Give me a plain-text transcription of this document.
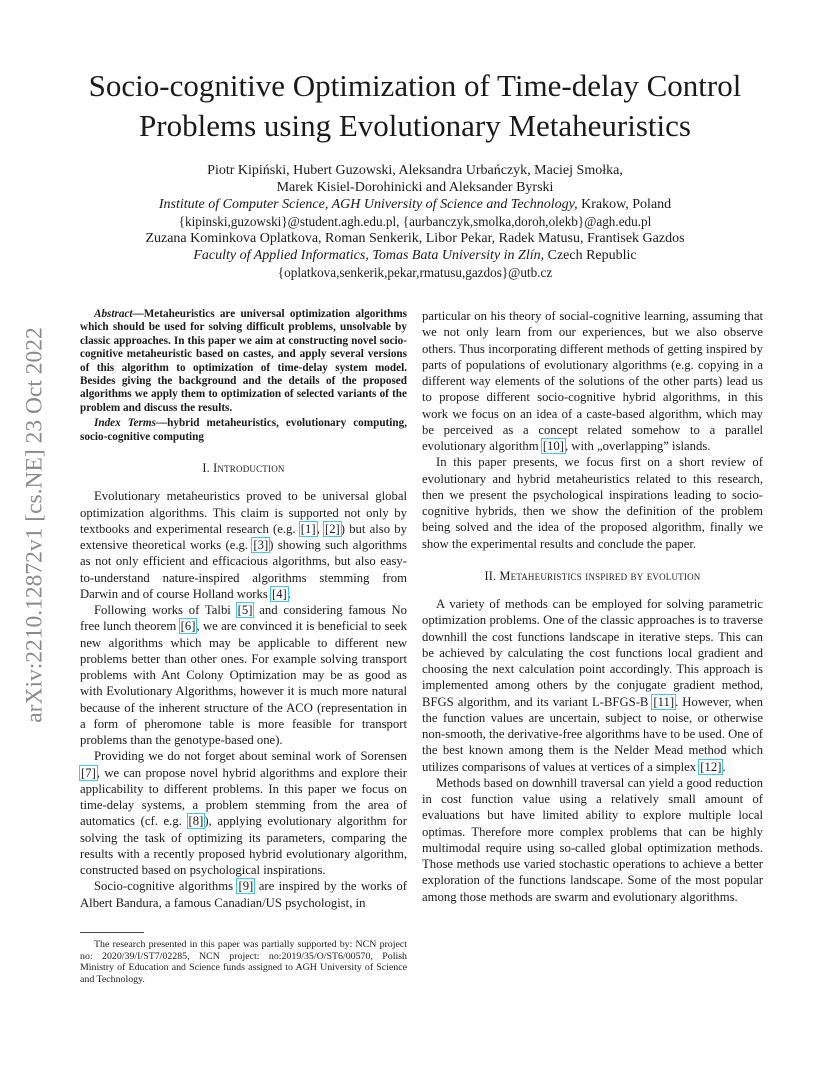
Socio-cognitive Optimization of Time-delay Control
Problems using Evolutionary Metaheuristics
Piotr Kipiński, Hubert Guzowski, Aleksandra Urbańczyk, Maciej Smołka,
Marek Kisiel-Dorohinicki and Aleksander Byrski
Institute of Computer Science, AGH University of Science and Technology, Krakow, Poland
{kipinski,guzowski}@student.agh.edu.pl, {aurbanczyk,smolka,doroh,olekb}@agh.edu.pl
Zuzana Kominkova Oplatkova, Roman Senkerik, Libor Pekar, Radek Matusu, Frantisek Gazdos
Faculty of Applied Informatics, Tomas Bata University in Zlín, Czech Republic
{oplatkova,senkerik,pekar,rmatusu,gazdos}@utb.cz
arXiv:2210.12872v1 [cs.NE] 23 Oct 2022

Abstract—Metaheuristics are universal optimization algorithms which should be used for solving difficult problems, unsolvable by classic approaches. In this paper we aim at constructing novel socio-cognitive metaheuristic based on castes, and apply several versions of this algorithm to optimization of time-delay system model. Besides giving the background and the details of the proposed algorithms we apply them to optimization of selected variants of the problem and discuss the results.

Index Terms—hybrid metaheuristics, evolutionary computing, socio-cognitive computing

I. Introduction

Evolutionary metaheuristics proved to be universal global optimization algorithms. This claim is supported not only by textbooks and experimental research (e.g. [1], [2]) but also by extensive theoretical works (e.g. [3]) showing such algorithms as not only efficient and efficacious algorithms, but also easy-to-understand nature-inspired algorithms stemming from Darwin and of course Holland works [4].

Following works of Talbi [5] and considering famous No free lunch theorem [6], we are convinced it is beneficial to seek new algorithms which may be applicable to different new problems better than other ones. For example solving transport problems with Ant Colony Optimization may be as good as with Evolutionary Algorithms, however it is much more natural because of the inherent structure of the ACO (representation in a form of pheromone table is more feasible for transport problems than the genotype-based one).

Providing we do not forget about seminal work of Sorensen [7], we can propose novel hybrid algorithms and explore their applicability to different problems. In this paper we focus on time-delay systems, a problem stemming from the area of automatics (cf. e.g. [8]), applying evolutionary algorithm for solving the task of optimizing its parameters, comparing the results with a recently proposed hybrid evolutionary algorithm, constructed based on psychological inspirations.

Socio-cognitive algorithms [9] are inspired by the works of Albert Bandura, a famous Canadian/US psychologist, in

The research presented in this paper was partially supported by: NCN project no: 2020/39/I/ST7/02285, NCN project: no:2019/35/O/ST6/00570, Polish Ministry of Education and Science funds assigned to AGH University of Science and Technology.

particular on his theory of social-cognitive learning, assuming that we not only learn from our experiences, but we also observe others. Thus incorporating different methods of getting inspired by parts of populations of evolutionary algorithms (e.g. copying in a different way elements of the solutions of the other parts) lead us to propose different socio-cognitive hybrid algorithms, in this work we focus on an idea of a caste-based algorithm, which may be perceived as a concept related somehow to a parallel evolutionary algorithm [10], with „overlapping” islands.

In this paper presents, we focus first on a short review of evolutionary and hybrid metaheuristics related to this research, then we present the psychological inspirations leading to socio-cognitive hybrids, then we show the definition of the problem being solved and the idea of the proposed algorithm, finally we show the experimental results and conclude the paper.

II. Metaheuristics inspired by evolution

A variety of methods can be employed for solving parametric optimization problems. One of the classic approaches is to traverse downhill the cost functions landscape in iterative steps. This can be achieved by calculating the cost functions local gradient and choosing the next calculation point accordingly. This approach is implemented among others by the conjugate gradient method, BFGS algorithm, and its variant L-BFGS-B [11]. However, when the function values are uncertain, subject to noise, or otherwise non-smooth, the derivative-free algorithms have to be used. One of the best known among them is the Nelder Mead method which utilizes comparisons of values at vertices of a simplex [12].

Methods based on downhill traversal can yield a good reduction in cost function value using a relatively small amount of evaluations but have limited ability to explore multiple local optimas. Therefore more complex problems that can be highly multimodal require using so-called global optimization methods. Those methods use varied stochastic operations to achieve a better exploration of the functions landscape. Some of the most popular among those methods are swarm and evolutionary algorithms.
